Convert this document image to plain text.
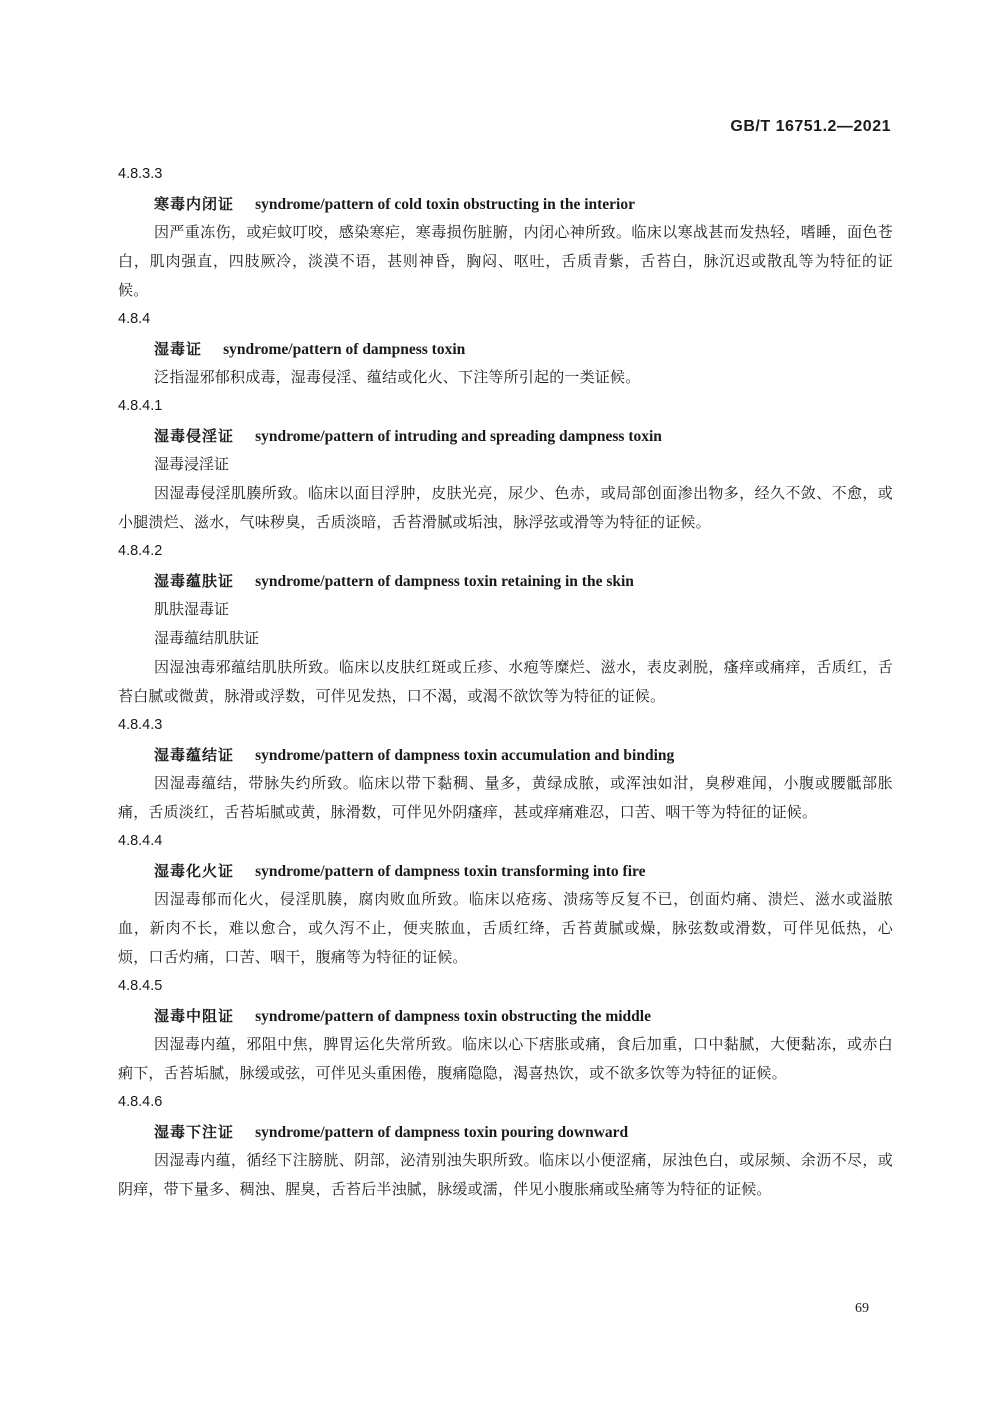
GB/T 16751.2—2021
4.8.3.3
寒毒内闭证 syndrome/pattern of cold toxin obstructing in the interior

因严重冻伤，或疟蚊叮咬，感染寒疟，寒毒损伤脏腑，内闭心神所致。临床以寒战甚而发热轻，嗜睡，面色苍白，肌肉强直，四肢厥冷，淡漠不语，甚则神昏，胸闷、呕吐，舌质青紫，舌苔白，脉沉迟或散乱等为特征的证候。

4.8.4
湿毒证 syndrome/pattern of dampness toxin

泛指湿邪郁积成毒，湿毒侵淫、蕴结或化火、下注等所引起的一类证候。

4.8.4.1
湿毒侵淫证 syndrome/pattern of intruding and spreading dampness toxin
湿毒浸淫证

因湿毒侵淫肌腠所致。临床以面目浮肿，皮肤光亮，尿少、色赤，或局部创面渗出物多，经久不敛、不愈，或小腿溃烂、滋水，气味秽臭，舌质淡暗，舌苔滑腻或垢浊，脉浮弦或滑等为特征的证候。

4.8.4.2
湿毒蕴肤证 syndrome/pattern of dampness toxin retaining in the skin
肌肤湿毒证
湿毒蕴结肌肤证

因湿浊毒邪蕴结肌肤所致。临床以皮肤红斑或丘疹、水疱等糜烂、滋水，表皮剥脱，瘙痒或痛痒，舌质红，舌苔白腻或微黄，脉滑或浮数，可伴见发热，口不渴，或渴不欲饮等为特征的证候。

4.8.4.3
湿毒蕴结证 syndrome/pattern of dampness toxin accumulation and binding

因湿毒蕴结，带脉失约所致。临床以带下黏稠、量多，黄绿成脓，或浑浊如泔，臭秽难闻，小腹或腰骶部胀痛，舌质淡红，舌苔垢腻或黄，脉滑数，可伴见外阴瘙痒，甚或痒痛难忍，口苦、咽干等为特征的证候。

4.8.4.4
湿毒化火证 syndrome/pattern of dampness toxin transforming into fire

因湿毒郁而化火，侵淫肌腠，腐肉败血所致。临床以疮疡、溃疡等反复不已，创面灼痛、溃烂、滋水或溢脓血，新肉不长，难以愈合，或久泻不止，便夹脓血，舌质红绛，舌苔黄腻或燥，脉弦数或滑数，可伴见低热，心烦，口舌灼痛，口苦、咽干，腹痛等为特征的证候。

4.8.4.5
湿毒中阻证 syndrome/pattern of dampness toxin obstructing the middle

因湿毒内蕴，邪阻中焦，脾胃运化失常所致。临床以心下痞胀或痛，食后加重，口中黏腻，大便黏冻，或赤白痢下，舌苔垢腻，脉缓或弦，可伴见头重困倦，腹痛隐隐，渴喜热饮，或不欲多饮等为特征的证候。

4.8.4.6
湿毒下注证 syndrome/pattern of dampness toxin pouring downward

因湿毒内蕴，循经下注膀胱、阴部，泌清别浊失职所致。临床以小便涩痛，尿浊色白，或尿频、余沥不尽，或阴痒，带下量多、稠浊、腥臭，舌苔后半浊腻，脉缓或濡，伴见小腹胀痛或坠痛等为特征的证候。

69
